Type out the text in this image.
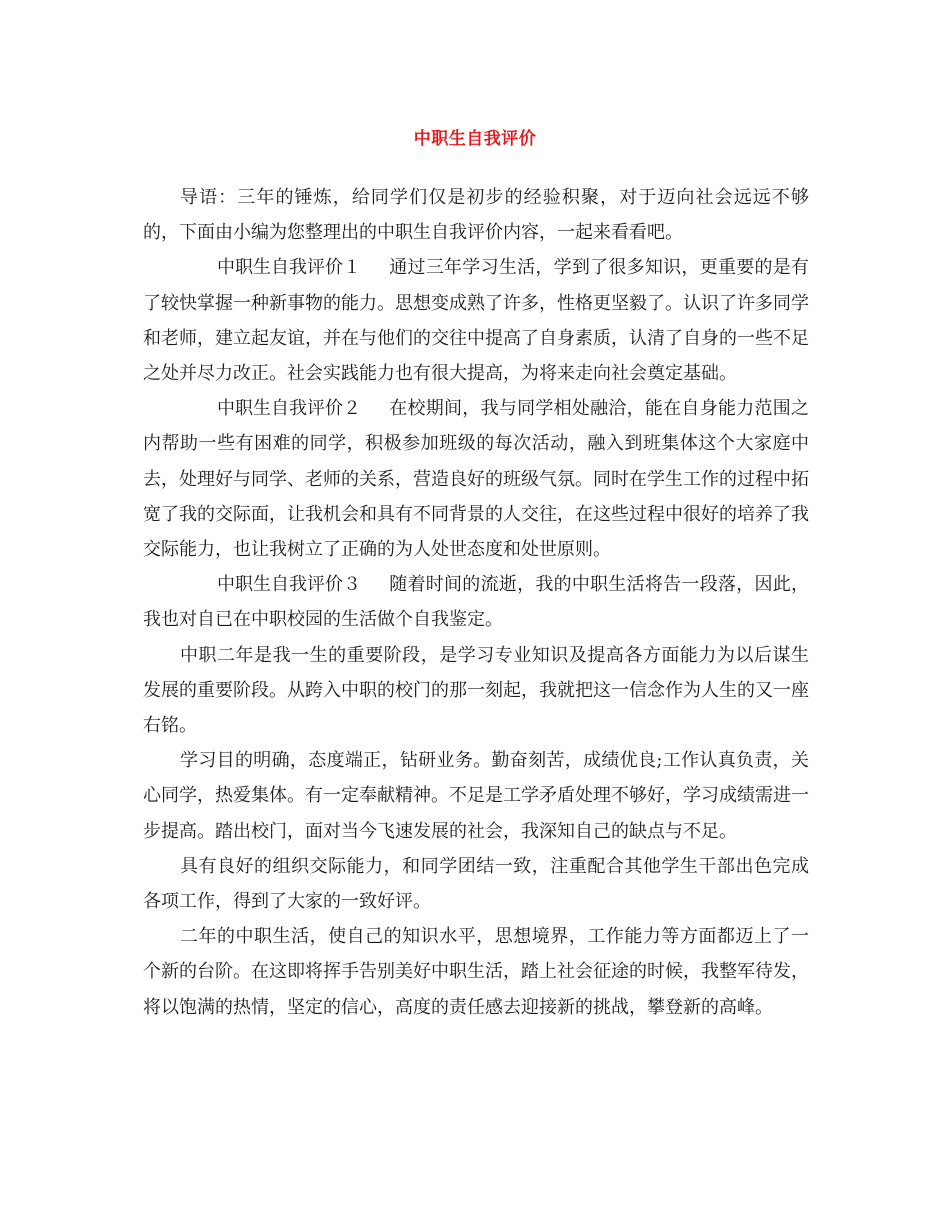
中职生自我评价

导语：三年的锤炼，给同学们仅是初步的经验积聚，对于迈向社会远远不够的，下面由小编为您整理出的中职生自我评价内容，一起来看看吧。

中职生自我评价１ 通过三年学习生活，学到了很多知识，更重要的是有了较快掌握一种新事物的能力。思想变成熟了许多，性格更坚毅了。认识了许多同学和老师，建立起友谊，并在与他们的交往中提高了自身素质，认清了自身的一些不足之处并尽力改正。社会实践能力也有很大提高，为将来走向社会奠定基础。

中职生自我评价２ 在校期间，我与同学相处融洽，能在自身能力范围之内帮助一些有困难的同学，积极参加班级的每次活动，融入到班集体这个大家庭中去，处理好与同学、老师的关系，营造良好的班级气氛。同时在学生工作的过程中拓宽了我的交际面，让我机会和具有不同背景的人交往，在这些过程中很好的培养了我交际能力，也让我树立了正确的为人处世态度和处世原则。

中职生自我评价３ 随着时间的流逝，我的中职生活将告一段落，因此，我也对自已在中职校园的生活做个自我鉴定。

中职二年是我一生的重要阶段，是学习专业知识及提高各方面能力为以后谋生发展的重要阶段。从跨入中职的校门的那一刻起，我就把这一信念作为人生的又一座右铭。

学习目的明确，态度端正，钻研业务。勤奋刻苦，成绩优良;工作认真负责，关心同学，热爱集体。有一定奉献精神。不足是工学矛盾处理不够好，学习成绩需进一步提高。踏出校门，面对当今飞速发展的社会，我深知自己的缺点与不足。

具有良好的组织交际能力，和同学团结一致，注重配合其他学生干部出色完成各项工作，得到了大家的一致好评。

二年的中职生活，使自己的知识水平，思想境界，工作能力等方面都迈上了一个新的台阶。在这即将挥手告别美好中职生活，踏上社会征途的时候，我整军待发，将以饱满的热情，坚定的信心，高度的责任感去迎接新的挑战，攀登新的高峰。
